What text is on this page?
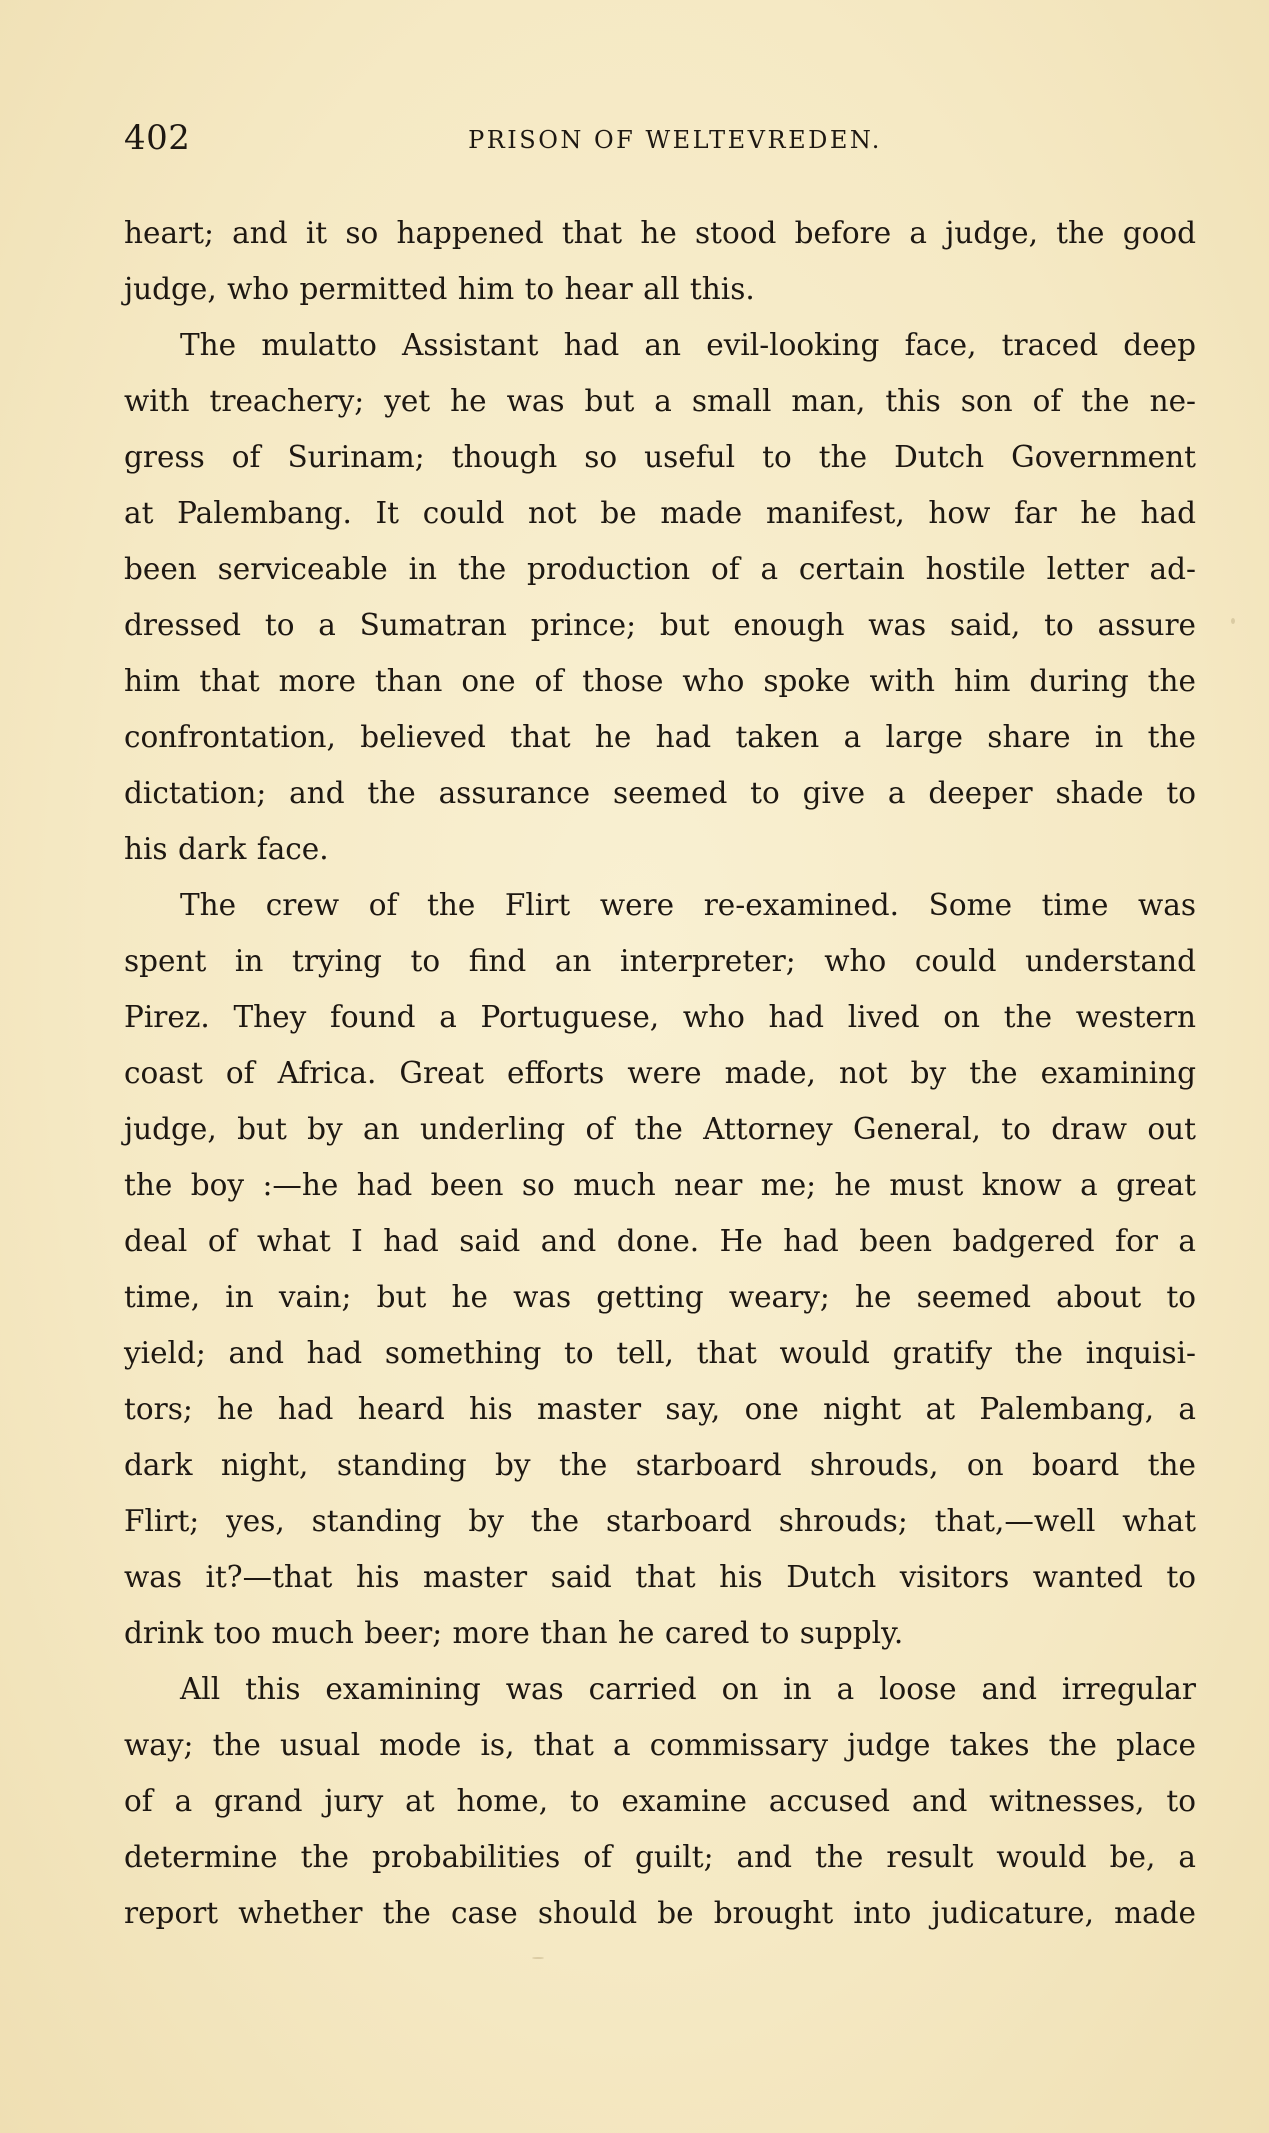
402	PRISON OF WELTEVREDEN.
heart; and it so happened that he stood before a judge, the good
judge, who permitted him to hear all this.
The mulatto Assistant had an evil-looking face, traced deep
with treachery; yet he was but a small man, this son of the ne-
gress of Surinam; though so useful to the Dutch Government
at Palembang. It could not be made manifest, how far he had
been serviceable in the production of a certain hostile letter ad-
dressed to a Sumatran prince; but enough was said, to assure
him that more than one of those who spoke with him during the
confrontation, believed that he had taken a large share in the
dictation; and the assurance seemed to give a deeper shade to
his dark face.
The crew of the Flirt were re-examined. Some time was
spent in trying to find an interpreter; who could understand
Pirez. They found a Portuguese, who had lived on the western
coast of Africa. Great efforts were made, not by the examining
judge, but by an underling of the Attorney General, to draw out
the boy :—he had been so much near me; he must know a great
deal of what I had said and done. He had been badgered for a
time, in vain; but he was getting weary; he seemed about to
yield; and had something to tell, that would gratify the inquisi-
tors; he had heard his master say, one night at Palembang, a
dark night, standing by the starboard shrouds, on board the
Flirt; yes, standing by the starboard shrouds; that,—well what
was it?—that his master said that his Dutch visitors wanted to
drink too much beer; more than he cared to supply.
All this examining was carried on in a loose and irregular
way; the usual mode is, that a commissary judge takes the place
of a grand jury at home, to examine accused and witnesses, to
determine the probabilities of guilt; and the result would be, a
report whether the case should be brought into judicature, made
